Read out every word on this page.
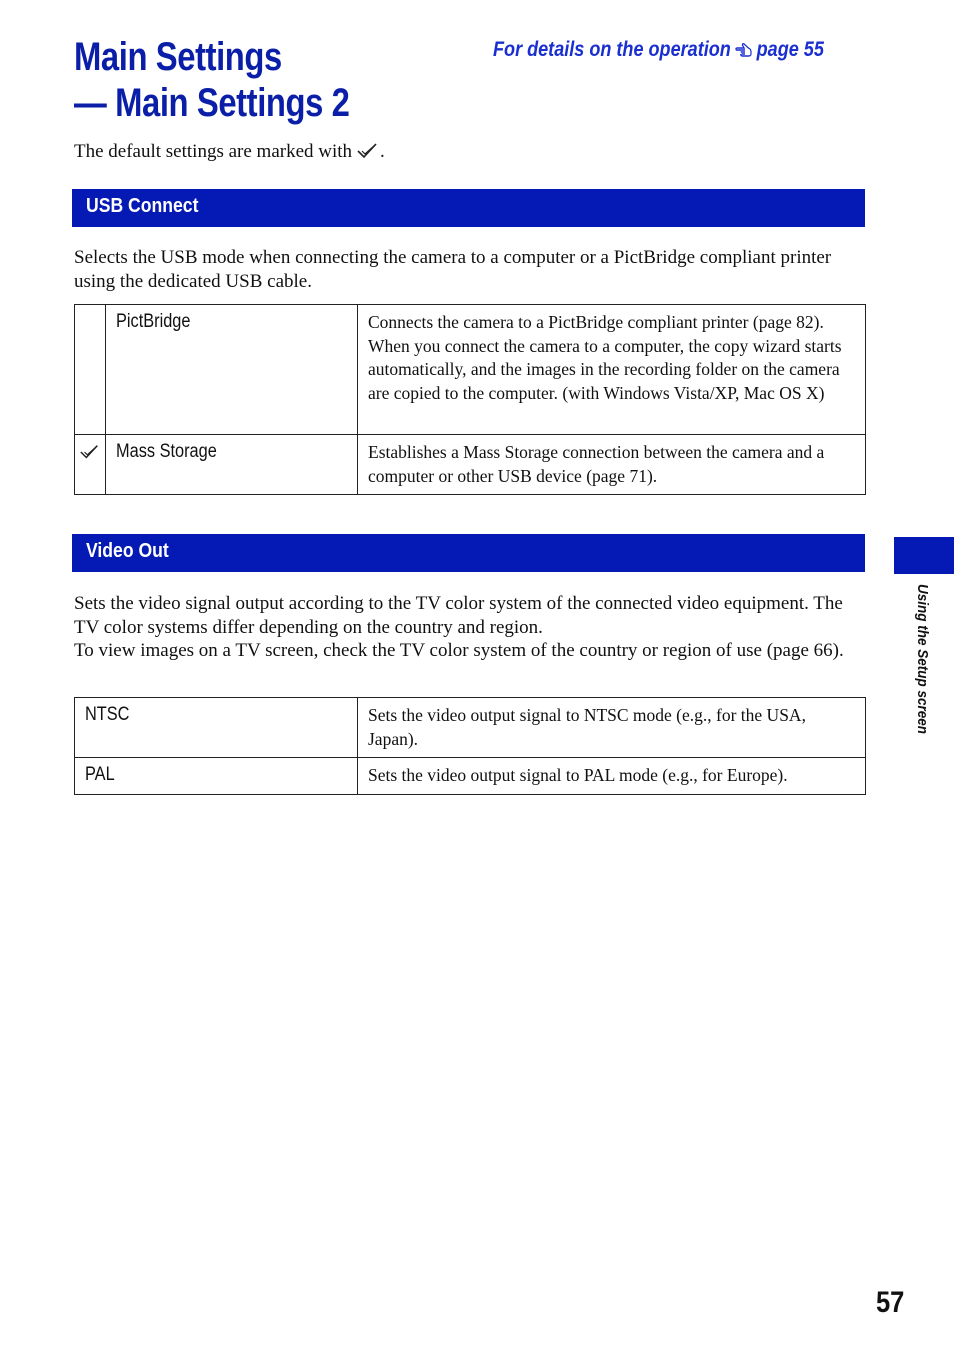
Main Settings
— Main Settings 2
For details on the operation page 55
The default settings are marked with .
USB Connect

Selects the USB mode when connecting the camera to a computer or a PictBridge compliant printer using the dedicated USB cable.

	PictBridge	Connects the camera to a PictBridge compliant printer (page 82). When you connect the camera to a computer, the copy wizard starts automatically, and the images in the recording folder on the camera are copied to the computer. (with Windows Vista/XP, Mac OS X)
	Mass Storage	Establishes a Mass Storage connection between the camera and a computer or other USB device (page 71).
Video Out

Sets the video signal output according to the TV color system of the connected video equipment. The TV color systems differ depending on the country and region.
To view images on a TV screen, check the TV color system of the country or region of use (page 66).

NTSC	Sets the video output signal to NTSC mode (e.g., for the USA, Japan).
PAL	Sets the video output signal to PAL mode (e.g., for Europe).
Using the Setup screen
57
